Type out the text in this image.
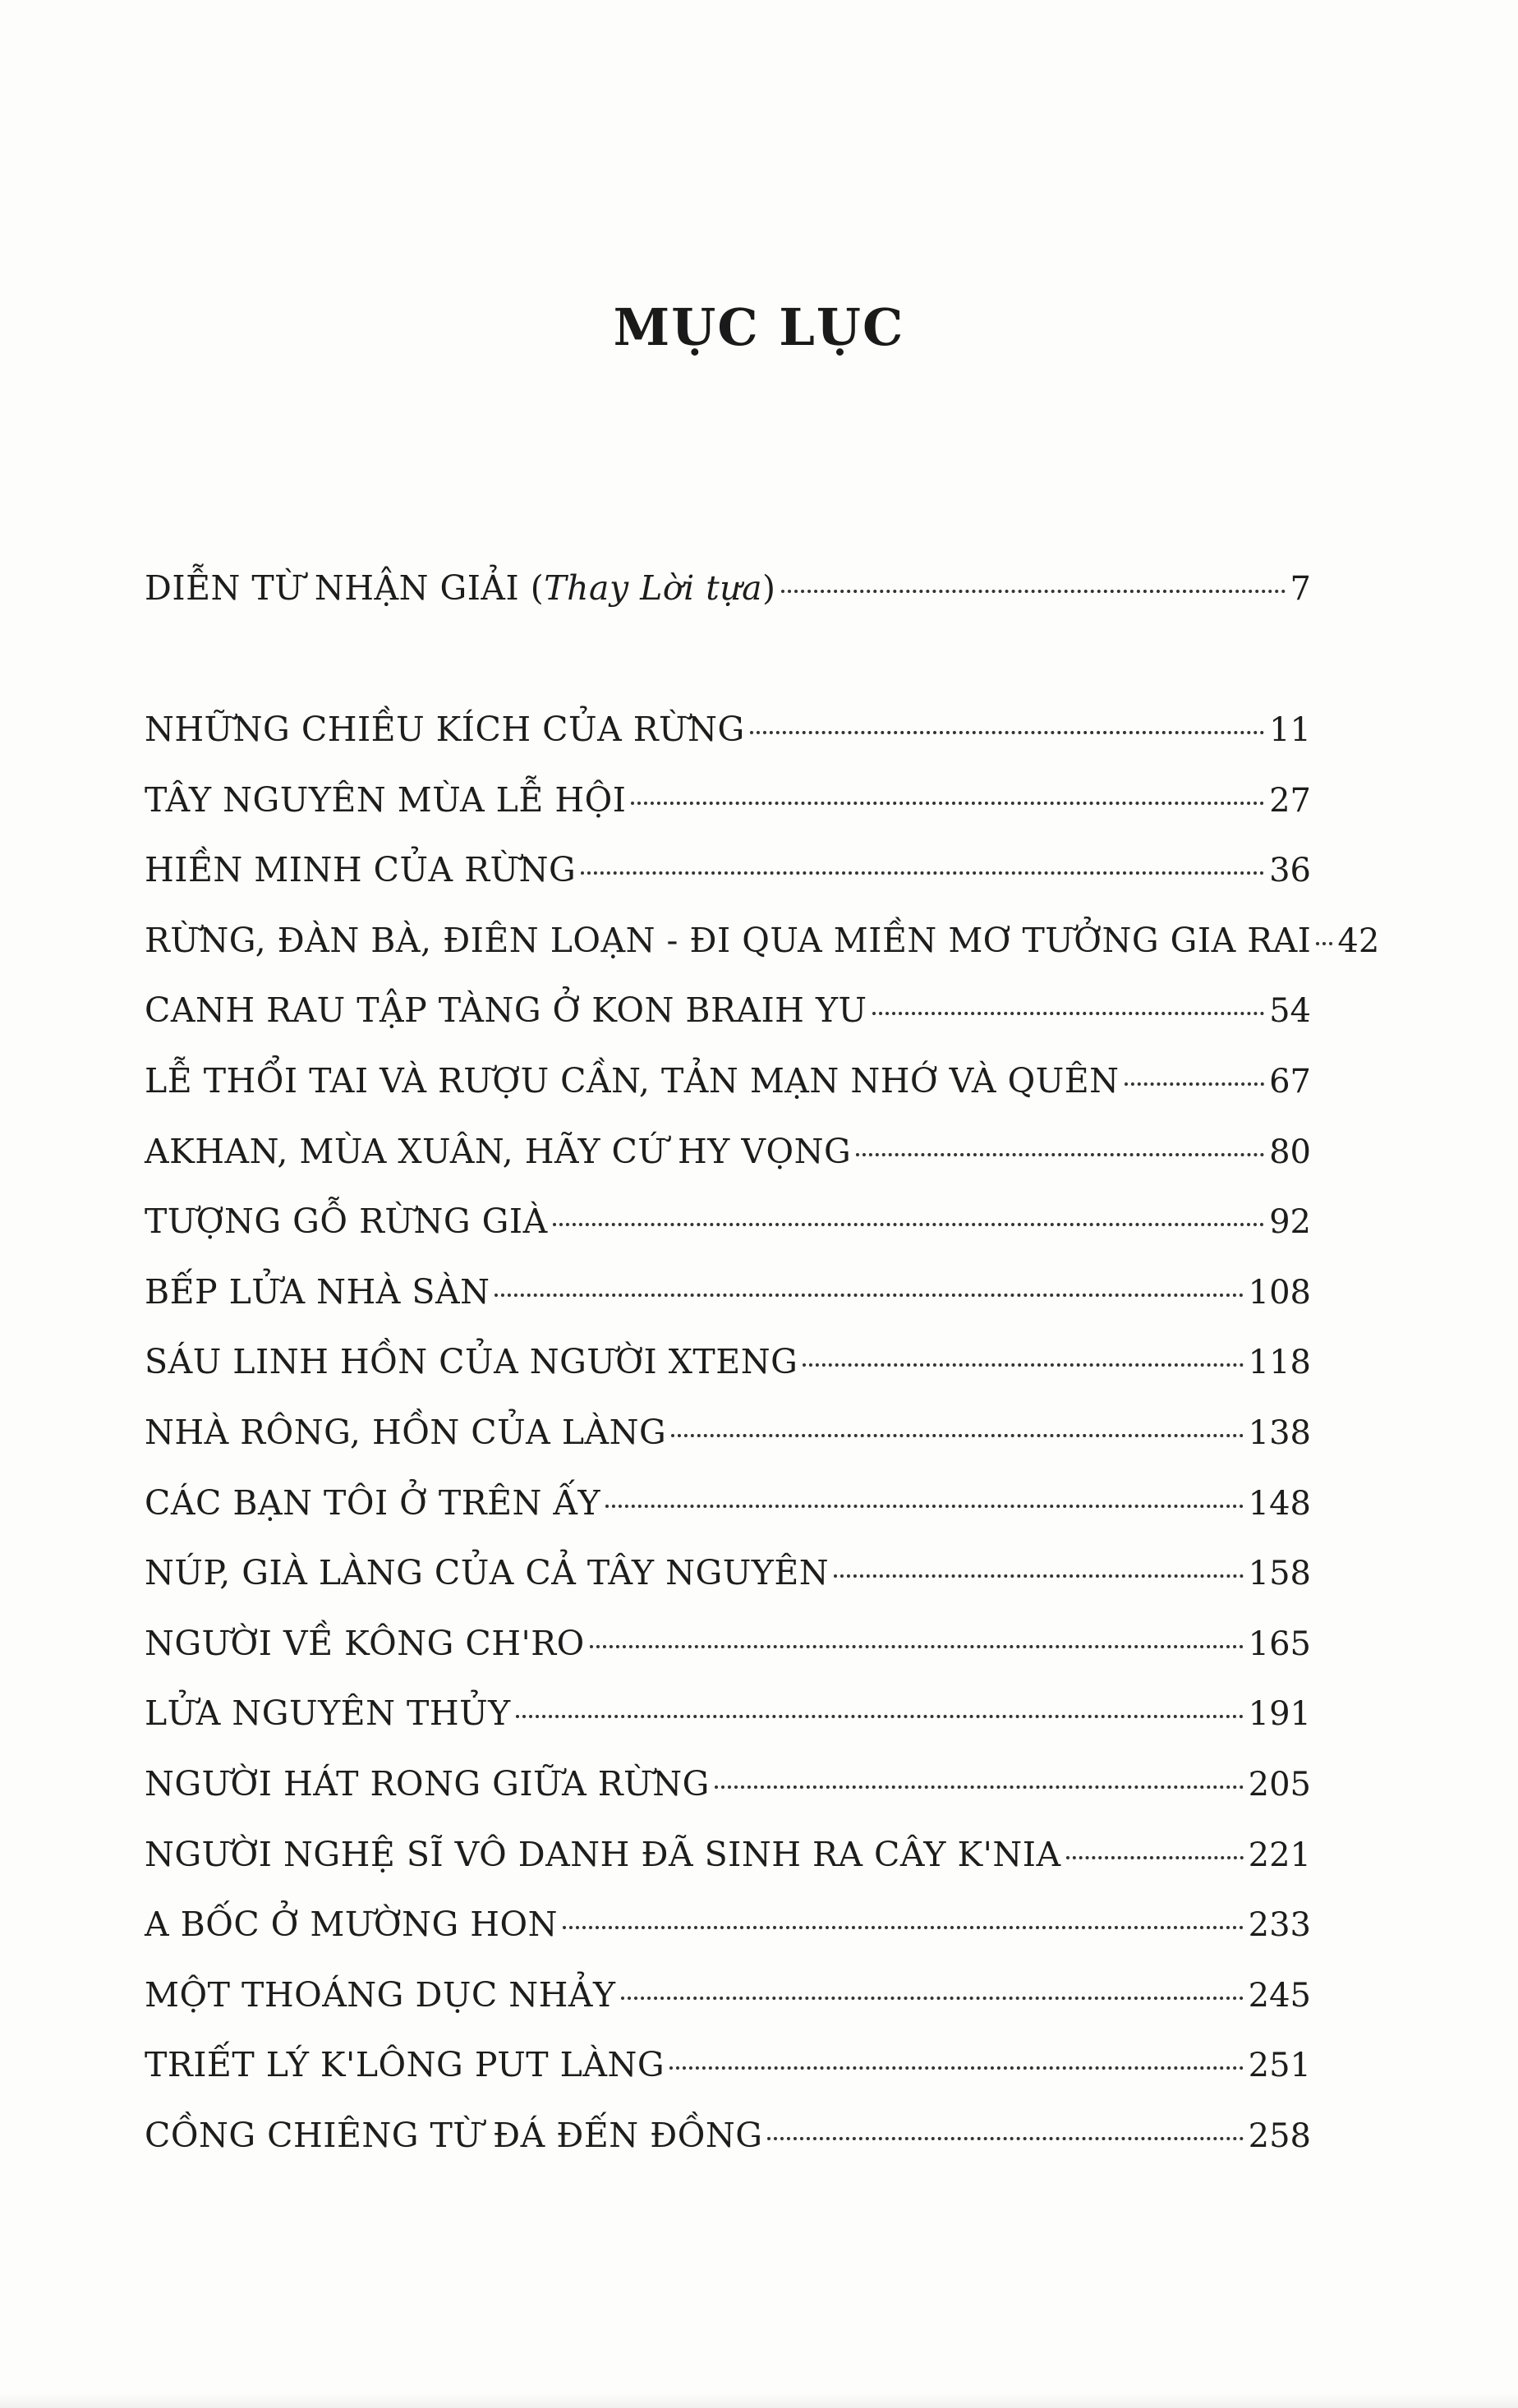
MỤC LỤC
DIỄN TỪ NHẬN GIẢI (Thay Lời tựa)	7
NHỮNG CHIỀU KÍCH CỦA RỪNG	11
TÂY NGUYÊN MÙA LỄ HỘI	27
HIỀN MINH CỦA RỪNG	36
RỪNG, ĐÀN BÀ, ĐIÊN LOẠN - ĐI QUA MIỀN MƠ TƯỞNG GIA RAI 42
CANH RAU TẬP TÀNG Ở KON BRAIH YU	54
LỄ THỔI TAI VÀ RƯỢU CẦN, TẢN MẠN NHỚ VÀ QUÊN	67
AKHAN, MÙA XUÂN, HÃY CỨ HY VỌNG	80
TƯỢNG GỖ RỪNG GIÀ	92
BẾP LỬA NHÀ SÀN	108
SÁU LINH HỒN CỦA NGƯỜI XTENG	118
NHÀ RÔNG, HỒN CỦA LÀNG	138
CÁC BẠN TÔI Ở TRÊN ẤY	148
NÚP, GIÀ LÀNG CỦA CẢ TÂY NGUYÊN	158
NGƯỜI VỀ KÔNG CH'RO	165
LỬA NGUYÊN THỦY	191
NGƯỜI HÁT RONG GIỮA RỪNG	205
NGƯỜI NGHỆ SĨ VÔ DANH ĐÃ SINH RA CÂY K'NIA	221
A BỐC Ở MƯỜNG HON	233
MỘT THOÁNG DỤC NHẢY	245
TRIẾT LÝ K'LÔNG PUT LÀNG	251
CỒNG CHIÊNG TỪ ĐÁ ĐẾN ĐỒNG	258
